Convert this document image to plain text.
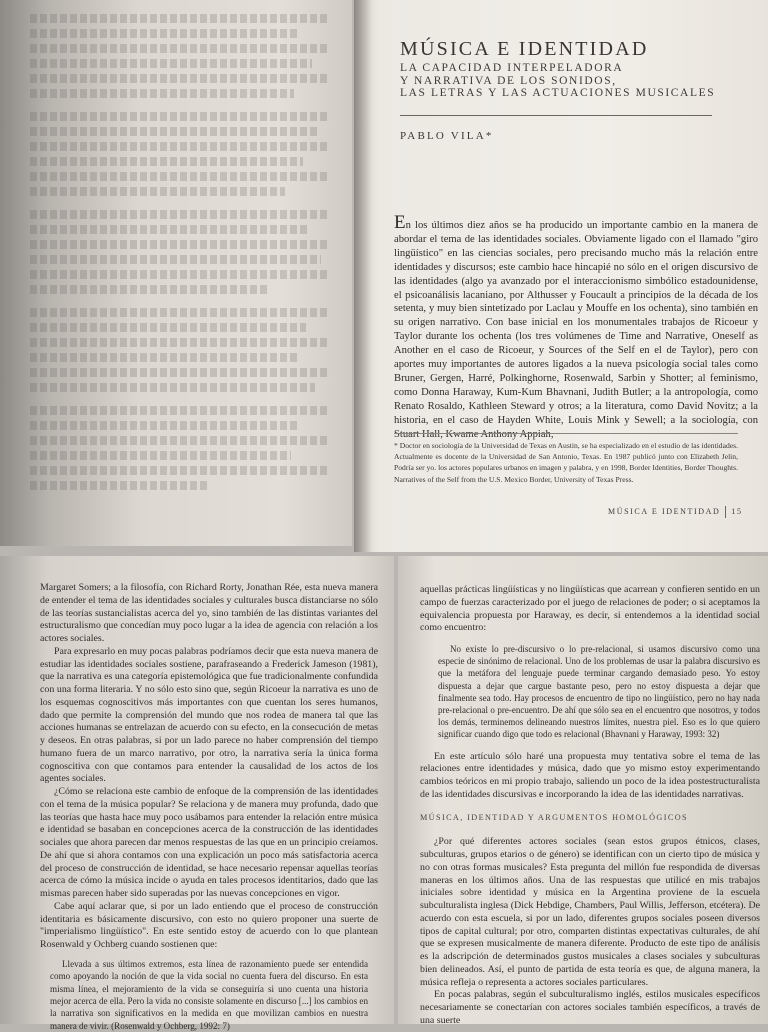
MÚSICA E IDENTIDAD
LA CAPACIDAD INTERPELADORA
Y NARRATIVA DE LOS SONIDOS,
LAS LETRAS Y LAS ACTUACIONES MUSICALES
PABLO VILA*

En los últimos diez años se ha producido un importante cambio en la manera de abordar el tema de las identidades sociales. Obviamente ligado con el llamado "giro lingüístico" en las ciencias sociales, pero precisando mucho más la relación entre identidades y discursos; este cambio hace hincapié no sólo en el origen discursivo de las identidades (algo ya avanzado por el interaccionismo simbólico estadounidense, el psicoanálisis lacaniano, por Althusser y Foucault a principios de la década de los setenta, y muy bien sintetizado por Laclau y Mouffe en los ochenta), sino también en su origen narrativo. Con base inicial en los monumentales trabajos de Ricoeur y Taylor durante los ochenta (los tres volúmenes de Time and Narrative, Oneself as Another en el caso de Ricoeur, y Sources of the Self en el de Taylor), pero con aportes muy importantes de autores ligados a la nueva psicología social tales como Bruner, Gergen, Harré, Polkinghorne, Rosenwald, Sarbin y Shotter; al feminismo, como Donna Haraway, Kum-Kum Bhavnani, Judith Butler; a la antropología, como Renato Rosaldo, Kathleen Steward y otros; a la literatura, como David Novitz; a la historia, en el caso de Hayden White, Louis Mink y Sewell; a la sociología, con Stuart Hall, Kwame Anthony Appiah,

* Doctor en sociología de la Universidad de Texas en Austin, se ha especializado en el estudio de las identidades. Actualmente es docente de la Universidad de San Antonio, Texas. En 1987 publicó junto con Elizabeth Jelin, Podría ser yo. los actores populares urbanos en imagen y palabra, y en 1998, Border Identities, Border Thoughts. Narratives of the Self from the U.S. Mexico Border, University of Texas Press.
MÚSICA E IDENTIDAD 15

Margaret Somers; a la filosofía, con Richard Rorty, Jonathan Rée, esta nueva manera de entender el tema de las identidades sociales y culturales busca distanciarse no sólo de las teorías sustancialistas acerca del yo, sino también de las distintas variantes del estructuralismo que concedían muy poco lugar a la idea de agencia con relación a los actores sociales.

Para expresarlo en muy pocas palabras podríamos decir que esta nueva manera de estudiar las identidades sociales sostiene, parafraseando a Frederick Jameson (1981), que la narrativa es una categoría epistemológica que fue tradicionalmente confundida con una forma literaria. Y no sólo esto sino que, según Ricoeur la narrativa es uno de los esquemas cognoscitivos más importantes con que cuentan los seres humanos, dado que permite la comprensión del mundo que nos rodea de manera tal que las acciones humanas se entrelazan de acuerdo con su efecto, en la consecución de metas y deseos. En otras palabras, si por un lado parece no haber comprensión del tiempo humano fuera de un marco narrativo, por otro, la narrativa sería la única forma cognoscitiva con que contamos para entender la causalidad de los actos de los agentes sociales.

¿Cómo se relaciona este cambio de enfoque de la comprensión de las identidades con el tema de la música popular? Se relaciona y de manera muy profunda, dado que las teorías que hasta hace muy poco usábamos para entender la relación entre música e identidad se basaban en concepciones acerca de la construcción de las identidades sociales que ahora parecen dar menos respuestas de las que en un principio creíamos. De ahí que si ahora contamos con una explicación un poco más satisfactoria acerca del proceso de construcción de identidad, se hace necesario repensar aquellas teorías acerca de cómo la música incide o ayuda en tales procesos identitarios, dado que las mismas parecen haber sido superadas por las nuevas concepciones en vigor.

Cabe aquí aclarar que, si por un lado entiendo que el proceso de construcción identitaria es básicamente discursivo, con esto no quiero proponer una suerte de "imperialismo lingüístico". En este sentido estoy de acuerdo con lo que plantean Rosenwald y Ochberg cuando sostienen que:

Llevada a sus últimos extremos, esta línea de razonamiento puede ser entendida como apoyando la noción de que la vida social no cuenta fuera del discurso. En esta misma línea, el mejoramiento de la vida se conseguiría si uno cuenta una historia mejor acerca de ella. Pero la vida no consiste solamente en discurso [...] los cambios en la narrativa son significativos en la medida en que movilizan cambios en nuestra manera de vivir. (Rosenwald y Ochberg, 1992: 7)

aquellas prácticas lingüísticas y no lingüísticas que acarrean y confieren sentido en un campo de fuerzas caracterizado por el juego de relaciones de poder; o si aceptamos la equivalencia propuesta por Haraway, es decir, si entendemos a la identidad social como encuentro:

No existe lo pre-discursivo o lo pre-relacional, si usamos discursivo como una especie de sinónimo de relacional. Uno de los problemas de usar la palabra discursivo es que la metáfora del lenguaje puede terminar cargando demasiado peso. Yo estoy dispuesta a dejar que cargue bastante peso, pero no estoy dispuesta a dejar que finalmente sea todo. Hay procesos de encuentro de tipo no lingüístico, pero no hay nada pre-relacional o pre-encuentro. De ahí que sólo sea en el encuentro que nosotros, y todos los demás, terminemos delineando nuestros límites, nuestra piel. Eso es lo que quiero significar cuando digo que todo es relacional (Bhavnani y Haraway, 1993: 32)

En este artículo sólo haré una propuesta muy tentativa sobre el tema de las relaciones entre identidades y música, dado que yo mismo estoy experimentando cambios teóricos en mi propio trabajo, saliendo un poco de la idea postestructuralista de las identidades discursivas e incorporando la idea de las identidades narrativas.

MÚSICA, IDENTIDAD Y ARGUMENTOS HOMOLÓGICOS

¿Por qué diferentes actores sociales (sean estos grupos étnicos, clases, subculturas, grupos etarios o de género) se identifican con un cierto tipo de música y no con otras formas musicales? Esta pregunta del millón fue respondida de diversas maneras en los últimos años. Una de las respuestas que utilicé en mis trabajos iniciales sobre identidad y música en la Argentina proviene de la escuela subculturalista inglesa (Dick Hebdige, Chambers, Paul Willis, Jefferson, etcétera). De acuerdo con esta escuela, si por un lado, diferentes grupos sociales poseen diversos tipos de capital cultural; por otro, comparten distintas expectativas culturales, de ahí que se expresen musicalmente de manera diferente. Producto de este tipo de análisis es la adscripción de determinados gustos musicales a clases sociales y subculturas bien delineados. Así, el punto de partida de esta teoría es que, de alguna manera, la música refleja o representa a actores sociales particulares.

En pocas palabras, según el subculturalismo inglés, estilos musicales específicos necesariamente se conectarían con actores sociales también específicos, a través de una suerte
